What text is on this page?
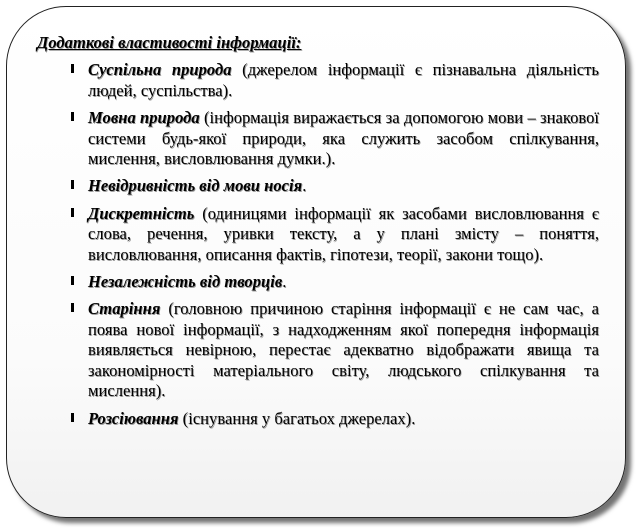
Додаткові властивості інформації:
Суспільна природа (джерелом інформації є пізнавальна діяльність людей, суспільства).
Мовна природа (інформація виражається за допомогою мови – знакової системи будь-якої природи, яка служить засобом спілкування, мислення, висловлювання думки.).
Невідривність від мови носія.
Дискретність (одиницями інформації як засобами висловлювання є слова, речення, уривки тексту, а у плані змісту – поняття, висловлювання, описання фактів, гіпотези, теорії, закони тощо).
Незалежність від творців.
Старіння (головною причиною старіння інформації є не сам час, а поява нової інформації, з надходженням якої попередня інформація виявляється невірною, перестає адекватно відображати явища та закономірності матеріального світу, людського спілкування та мислення).
Розсіювання (існування у багатьох джерелах).
